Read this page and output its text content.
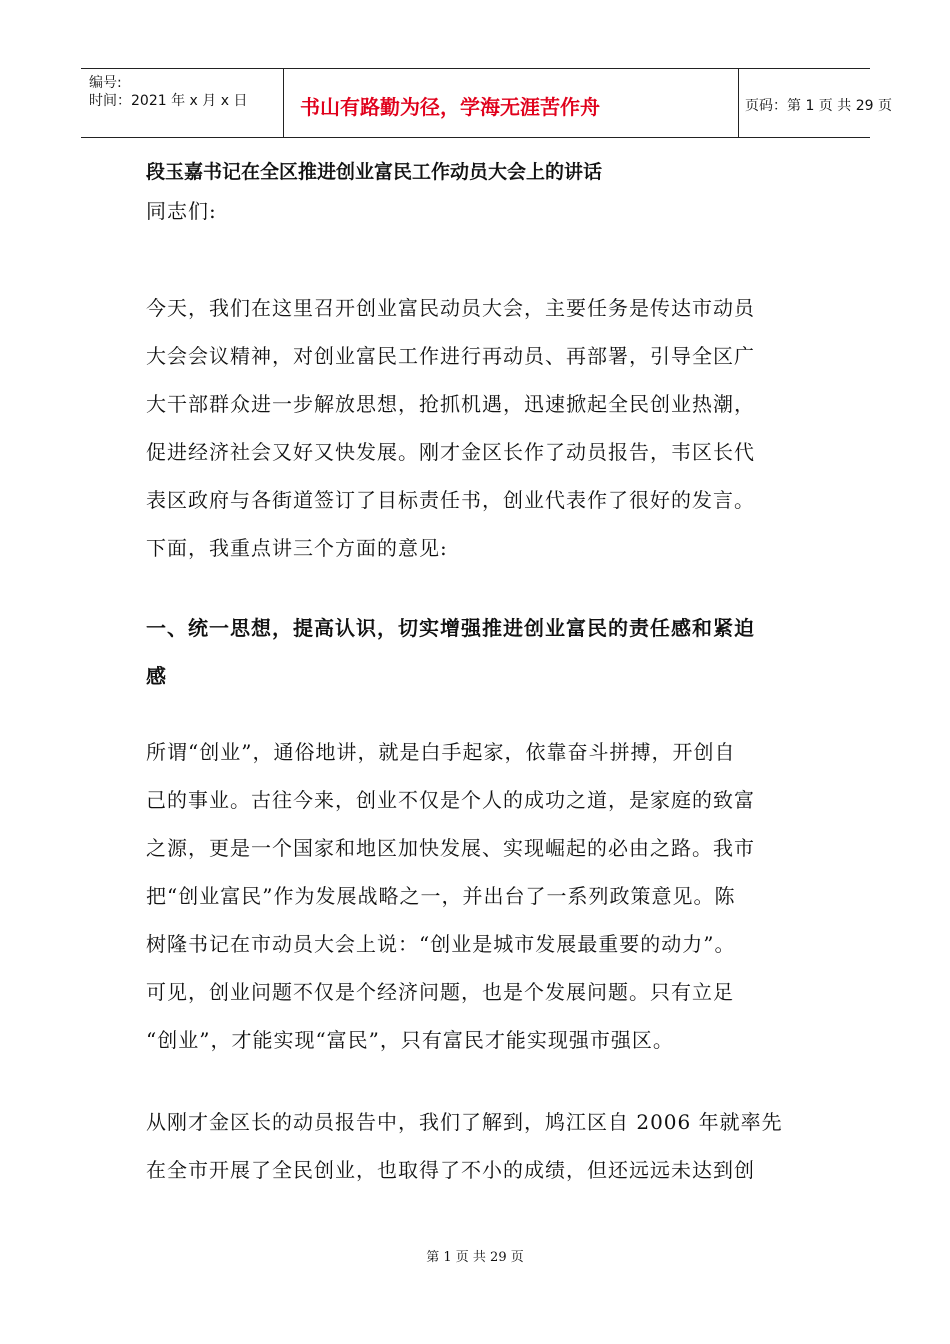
编号:
时间：2021 年 x 月 x 日	书山有路勤为径，学海无涯苦作舟	页码：第 1 页 共 29 页
段玉嘉书记在全区推进创业富民工作动员大会上的讲话
同志们:
今天，我们在这里召开创业富民动员大会，主要任务是传达市动员
大会会议精神，对创业富民工作进行再动员、再部署，引导全区广
大干部群众进一步解放思想，抢抓机遇，迅速掀起全民创业热潮，
促进经济社会又好又快发展。刚才金区长作了动员报告，韦区长代
表区政府与各街道签订了目标责任书，创业代表作了很好的发言。
下面，我重点讲三个方面的意见:
一、统一思想，提高认识，切实增强推进创业富民的责任感和紧迫
感
所谓“创业”，通俗地讲，就是白手起家，依靠奋斗拼搏，开创自
己的事业。古往今来，创业不仅是个人的成功之道，是家庭的致富
之源，更是一个国家和地区加快发展、实现崛起的必由之路。我市
把“创业富民”作为发展战略之一，并出台了一系列政策意见。陈
树隆书记在市动员大会上说：“创业是城市发展最重要的动力”。
可见，创业问题不仅是个经济问题，也是个发展问题。只有立足
“创业”，才能实现“富民”，只有富民才能实现强市强区。
从刚才金区长的动员报告中，我们了解到，鸠江区自 2006 年就率先
在全市开展了全民创业，也取得了不小的成绩，但还远远未达到创
第 1 页 共 29 页
